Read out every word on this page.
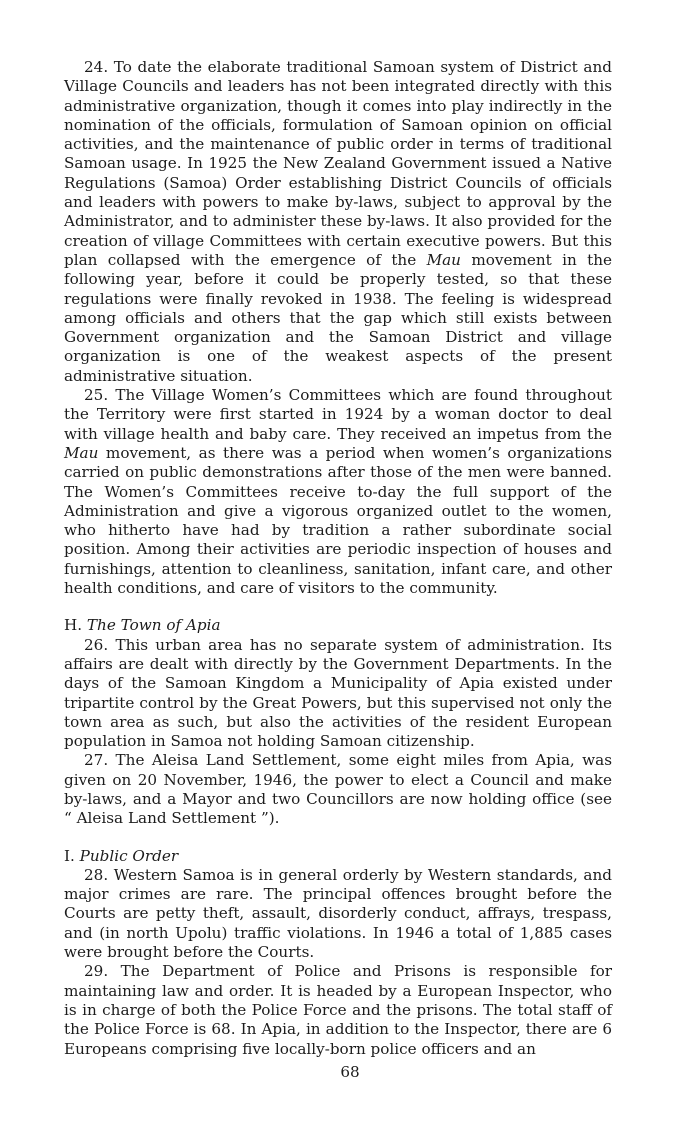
24. To date the elaborate traditional Samoan system of District and Village Councils and leaders has not been integrated directly with this administrative organization, though it comes into play indirectly in the nomination of the officials, formulation of Samoan opinion on official activities, and the maintenance of public order in terms of traditional Samoan usage. In 1925 the New Zealand Government issued a Native Regulations (Samoa) Order establishing District Councils of officials and leaders with powers to make by-laws, subject to approval by the Administrator, and to administer these by-laws. It also provided for the creation of village Committees with certain executive powers. But this plan collapsed with the emergence of the Mau movement in the following year, before it could be properly tested, so that these regulations were finally revoked in 1938. The feeling is widespread among officials and others that the gap which still exists between Government organization and the Samoan District and village organization is one of the weakest aspects of the present administrative situation.

25. The Village Women’s Committees which are found throughout the Territory were first started in 1924 by a woman doctor to deal with village health and baby care. They received an impetus from the Mau movement, as there was a period when women’s organizations carried on public demonstrations after those of the men were banned. The Women’s Committees receive to-day the full support of the Administration and give a vigorous organized outlet to the women, who hitherto have had by tradition a rather subordinate social position. Among their activities are periodic inspection of houses and furnishings, attention to cleanliness, sanitation, infant care, and other health conditions, and care of visitors to the community.

H. The Town of Apia

26. This urban area has no separate system of administration. Its affairs are dealt with directly by the Government Departments. In the days of the Samoan Kingdom a Municipality of Apia existed under tripartite control by the Great Powers, but this supervised not only the town area as such, but also the activities of the resident European population in Samoa not holding Samoan citizenship.

27. The Aleisa Land Settlement, some eight miles from Apia, was given on 20 November, 1946, the power to elect a Council and make by-laws, and a Mayor and two Councillors are now holding office (see “ Aleisa Land Settlement ”).

I. Public Order

28. Western Samoa is in general orderly by Western standards, and major crimes are rare. The principal offences brought before the Courts are petty theft, assault, disorderly conduct, affrays, trespass, and (in north Upolu) traffic violations. In 1946 a total of 1,885 cases were brought before the Courts.

29. The Department of Police and Prisons is responsible for maintaining law and order. It is headed by a European Inspector, who is in charge of both the Police Force and the prisons. The total staff of the Police Force is 68. In Apia, in addition to the Inspector, there are 6 Europeans comprising five locally-born police officers and an

68
